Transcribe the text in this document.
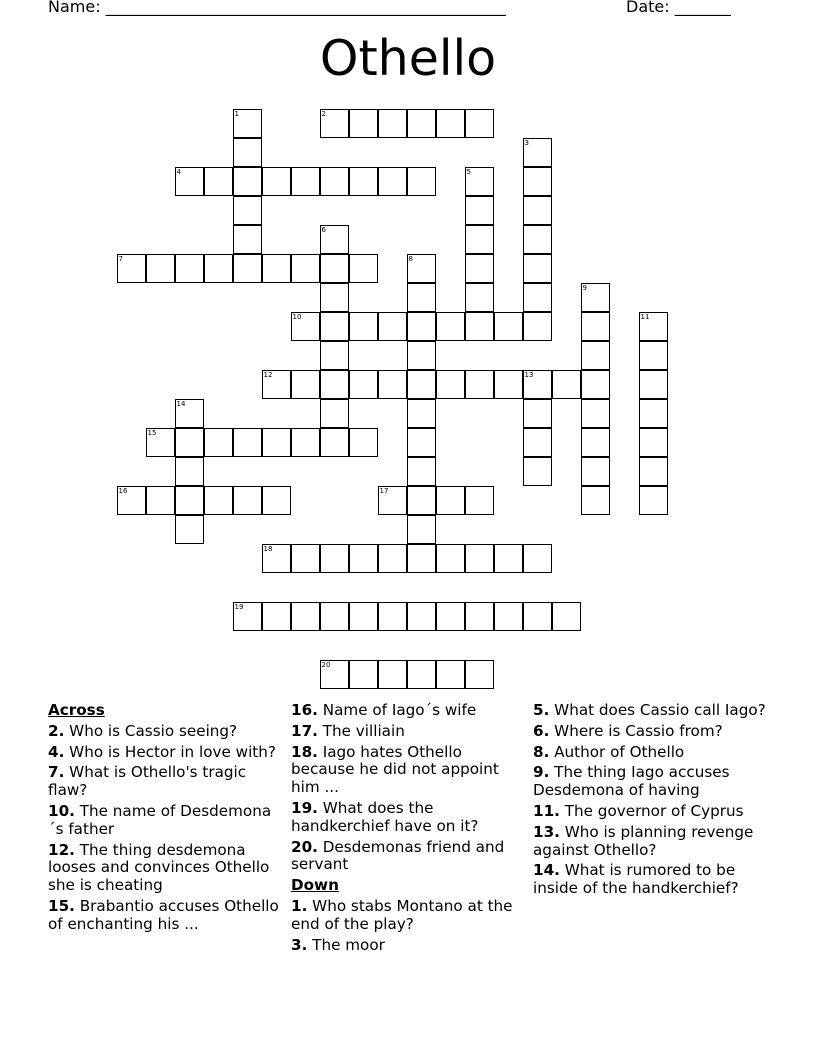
Name: __________________________________________________	Date: _______
Othello
1	2
3
4	5
6
7	8
9
10	11
12	13
14
15
16	17
18
19
20
Across
2. Who is Cassio seeing?
4. Who is Hector in love with?
7. What is Othello's tragic flaw?
10. The name of Desdemona´s father
12. The thing desdemona looses and convinces Othello she is cheating
15. Brabantio accuses Othello of enchanting his ...
16. Name of Iago´s wife
17. The villiain
18. Iago hates Othello because he did not appoint him ...
19. What does the handkerchief have on it?
20. Desdemonas friend and servant
Down
1. Who stabs Montano at the end of the play?
3. The moor
5. What does Cassio call Iago?
6. Where is Cassio from?
8. Author of Othello
9. The thing Iago accuses Desdemona of having
11. The governor of Cyprus
13. Who is planning revenge against Othello?
14. What is rumored to be inside of the handkerchief?
